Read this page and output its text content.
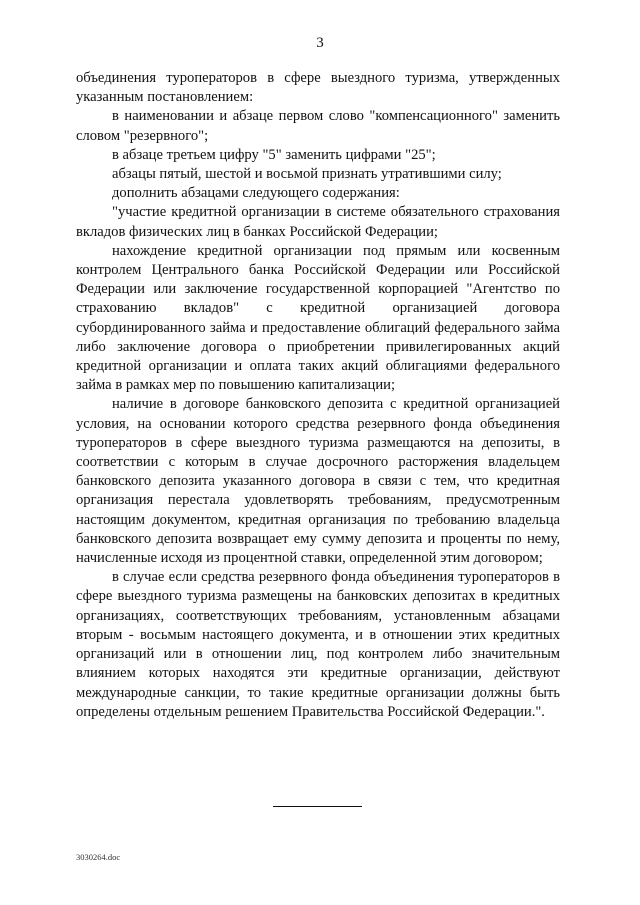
3

объединения туроператоров в сфере выездного туризма, утвержденных указанным постановлением:

в наименовании и абзаце первом слово "компенсационного" заменить словом "резервного";

в абзаце третьем цифру "5" заменить цифрами "25";

абзацы пятый, шестой и восьмой признать утратившими силу;

дополнить абзацами следующего содержания:

"участие кредитной организации в системе обязательного страхования вкладов физических лиц в банках Российской Федерации;

нахождение кредитной организации под прямым или косвенным контролем Центрального банка Российской Федерации или Российской Федерации или заключение государственной корпорацией "Агентство по страхованию вкладов" с кредитной организацией договора субординированного займа и предоставление облигаций федерального займа либо заключение договора о приобретении привилегированных акций кредитной организации и оплата таких акций облигациями федерального займа в рамках мер по повышению капитализации;

наличие в договоре банковского депозита с кредитной организацией условия, на основании которого средства резервного фонда объединения туроператоров в сфере выездного туризма размещаются на депозиты, в соответствии с которым в случае досрочного расторжения владельцем банковского депозита указанного договора в связи с тем, что кредитная организация перестала удовлетворять требованиям, предусмотренным настоящим документом, кредитная организация по требованию владельца банковского депозита возвращает ему сумму депозита и проценты по нему, начисленные исходя из процентной ставки, определенной этим договором;

в случае если средства резервного фонда объединения туроператоров в сфере выездного туризма размещены на банковских депозитах в кредитных организациях, соответствующих требованиям, установленным абзацами вторым - восьмым настоящего документа, и в отношении этих кредитных организаций или в отношении лиц, под контролем либо значительным влиянием которых находятся эти кредитные организации, действуют международные санкции, то такие кредитные организации должны быть определены отдельным решением Правительства Российской Федерации.".

3030264.doc
